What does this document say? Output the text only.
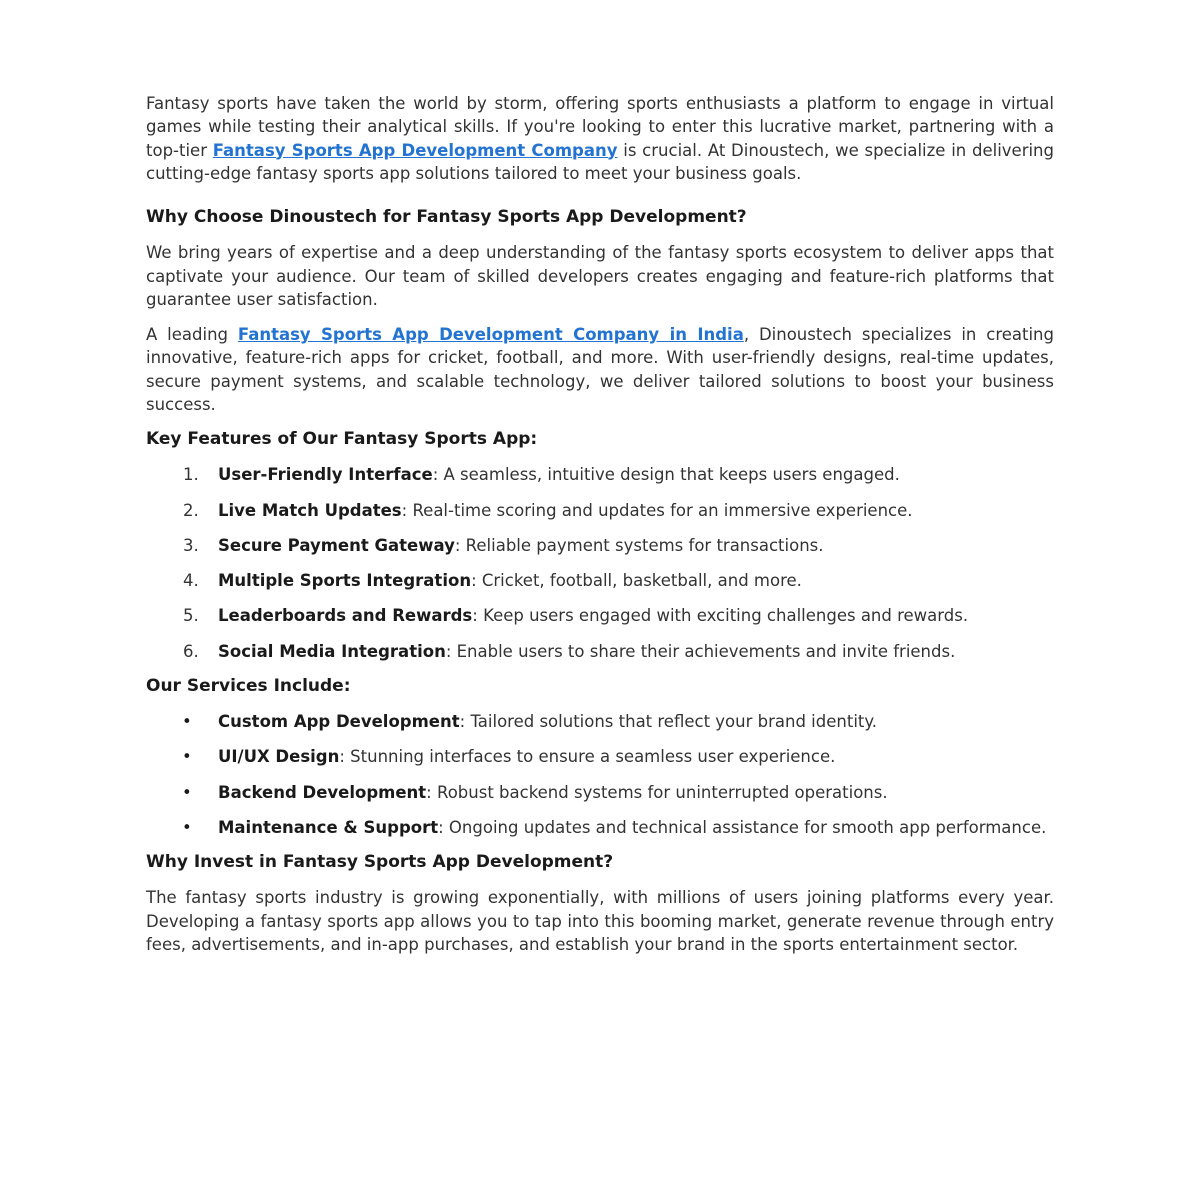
Fantasy sports have taken the world by storm, offering sports enthusiasts a platform to engage in virtual games while testing their analytical skills. If you're looking to enter this lucrative market, partnering with a top-tier Fantasy Sports App Development Company is crucial. At Dinoustech, we specialize in delivering cutting-edge fantasy sports app solutions tailored to meet your business goals.

Why Choose Dinoustech for Fantasy Sports App Development?

We bring years of expertise and a deep understanding of the fantasy sports ecosystem to deliver apps that captivate your audience. Our team of skilled developers creates engaging and feature-rich platforms that guarantee user satisfaction.

A leading Fantasy Sports App Development Company in India, Dinoustech specializes in creating innovative, feature-rich apps for cricket, football, and more. With user-friendly designs, real-time updates, secure payment systems, and scalable technology, we deliver tailored solutions to boost your business success.

Key Features of Our Fantasy Sports App:
1. User-Friendly Interface: A seamless, intuitive design that keeps users engaged.
2. Live Match Updates: Real-time scoring and updates for an immersive experience.
3. Secure Payment Gateway: Reliable payment systems for transactions.
4. Multiple Sports Integration: Cricket, football, basketball, and more.
5. Leaderboards and Rewards: Keep users engaged with exciting challenges and rewards.
6. Social Media Integration: Enable users to share their achievements and invite friends.
Our Services Include:
• Custom App Development: Tailored solutions that reflect your brand identity.
• UI/UX Design: Stunning interfaces to ensure a seamless user experience.
• Backend Development: Robust backend systems for uninterrupted operations.
• Maintenance & Support: Ongoing updates and technical assistance for smooth app performance.
Why Invest in Fantasy Sports App Development?

The fantasy sports industry is growing exponentially, with millions of users joining platforms every year. Developing a fantasy sports app allows you to tap into this booming market, generate revenue through entry fees, advertisements, and in-app purchases, and establish your brand in the sports entertainment sector.
